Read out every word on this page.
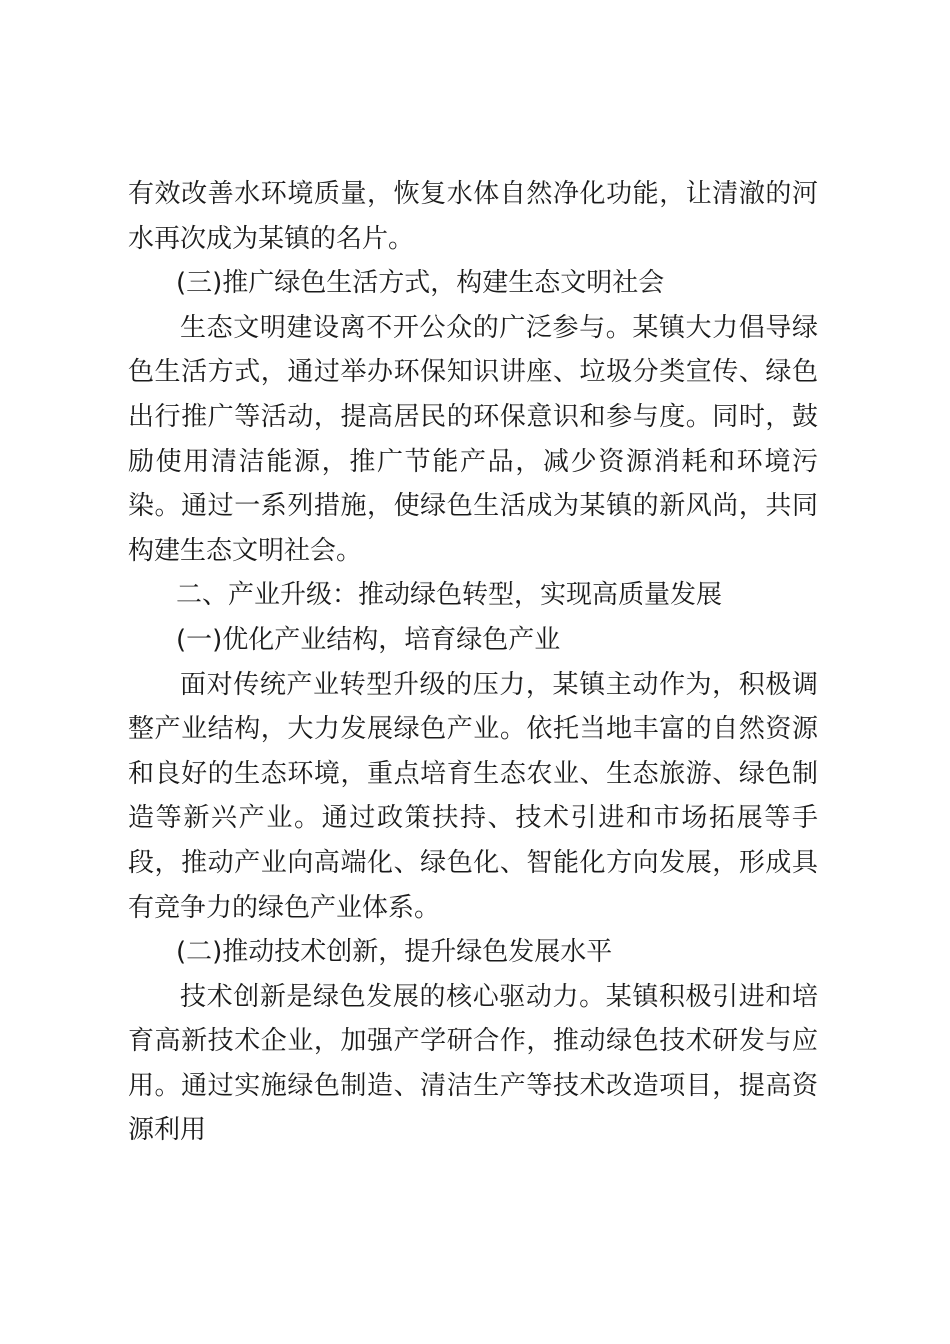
有效改善水环境质量，恢复水体自然净化功能，让清澈的河水再次成为某镇的名片。

(三)推广绿色生活方式，构建生态文明社会

生态文明建设离不开公众的广泛参与。某镇大力倡导绿色生活方式，通过举办环保知识讲座、垃圾分类宣传、绿色出行推广等活动，提高居民的环保意识和参与度。同时，鼓励使用清洁能源，推广节能产品，减少资源消耗和环境污染。通过一系列措施，使绿色生活成为某镇的新风尚，共同构建生态文明社会。

二、产业升级：推动绿色转型，实现高质量发展

(一)优化产业结构，培育绿色产业

面对传统产业转型升级的压力，某镇主动作为，积极调整产业结构，大力发展绿色产业。依托当地丰富的自然资源和良好的生态环境，重点培育生态农业、生态旅游、绿色制造等新兴产业。通过政策扶持、技术引进和市场拓展等手段，推动产业向高端化、绿色化、智能化方向发展，形成具有竞争力的绿色产业体系。

(二)推动技术创新，提升绿色发展水平

技术创新是绿色发展的核心驱动力。某镇积极引进和培育高新技术企业，加强产学研合作，推动绿色技术研发与应用。通过实施绿色制造、清洁生产等技术改造项目，提高资源利用
